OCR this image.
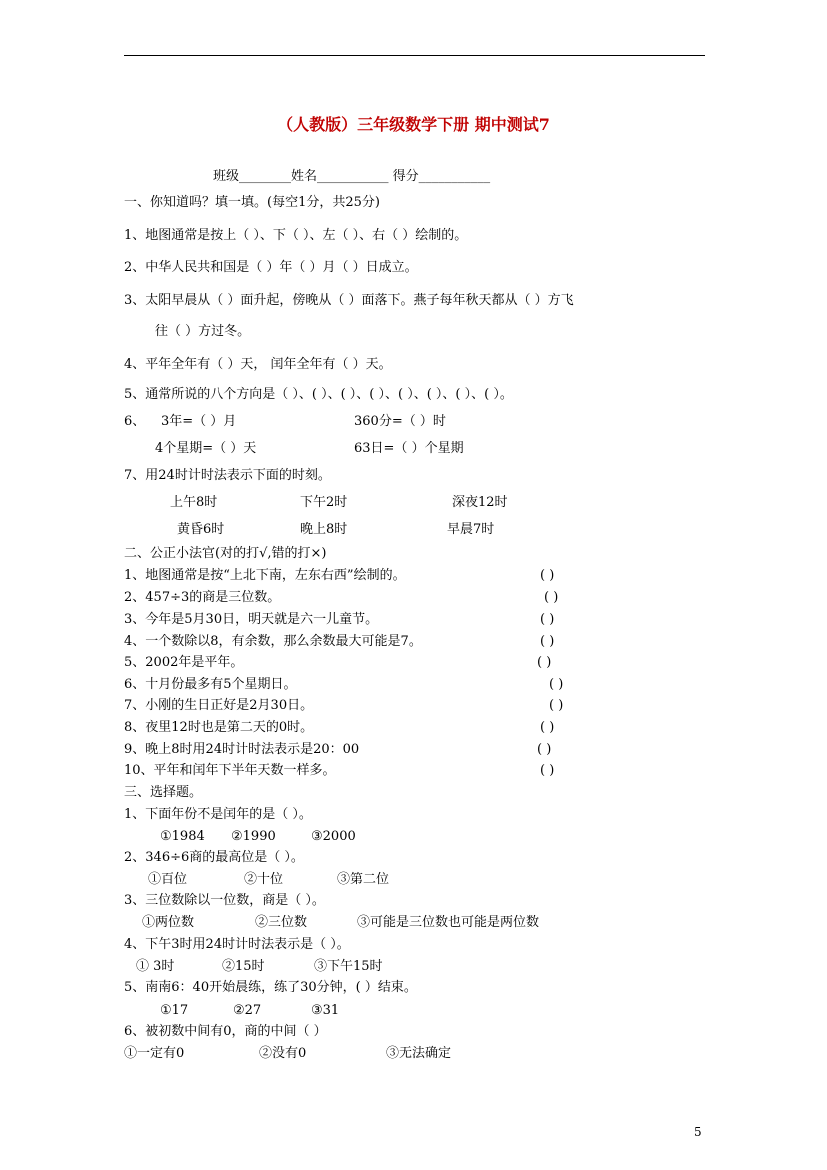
（人教版）三年级数学下册 期中测试7
班级________姓名___________ 得分___________
一、你知道吗？填一填。(每空1分，共25分)
1、地图通常是按上（ ）、下（ ）、左（ ）、右（ ）绘制的。
2、中华人民共和国是（ ）年（ ）月（ ）日成立。
3、太阳早晨从（ ）面升起，傍晚从（ ）面落下。燕子每年秋天都从（ ）方飞
往（ ）方过冬。
4、平年全年有（ ）天， 闰年全年有（ ）天。
5、通常所说的八个方向是（ ）、( ）、( ）、( ）、( ）、( ）、( ）、( ）。
6、 3年=（ ）月	360分=（ ）时
4个星期=（ ）天	63日=（ ）个星期
7、用24时计时法表示下面的时刻。
上午8时	下午2时	深夜12时
黄昏6时	晚上8时	早晨7时
二、公正小法官(对的打√,错的打×)
1、地图通常是按“上北下南，左东右西”绘制的。	( )
2、457÷3的商是三位数。	( )
3、今年是5月30日，明天就是六一儿童节。	( )
4、一个数除以8，有余数，那么余数最大可能是7。	( )
5、2002年是平年。	( )
6、十月份最多有5个星期日。	( )
7、小刚的生日正好是2月30日。	( )
8、夜里12时也是第二天的0时。	( )
9、晚上8时用24时计时法表示是20：00	( )
10、平年和闰年下半年天数一样多。	( )
三、选择题。
1、下面年份不是闰年的是（ ）。
①1984 ②1990	③2000
2、346÷6商的最高位是（ ）。
①百位	②十位	③第二位
3、三位数除以一位数，商是（ ）。
①两位数	②三位数	③可能是三位数也可能是两位数
4、下午3时用24时计时法表示是（ ）。
① 3时	②15时	③下午15时
5、南南6：40开始晨练，练了30分钟，( ）结束。
①17	②27	③31
6、被初数中间有0，商的中间（ ）
①一定有0	②没有0	③无法确定
5
